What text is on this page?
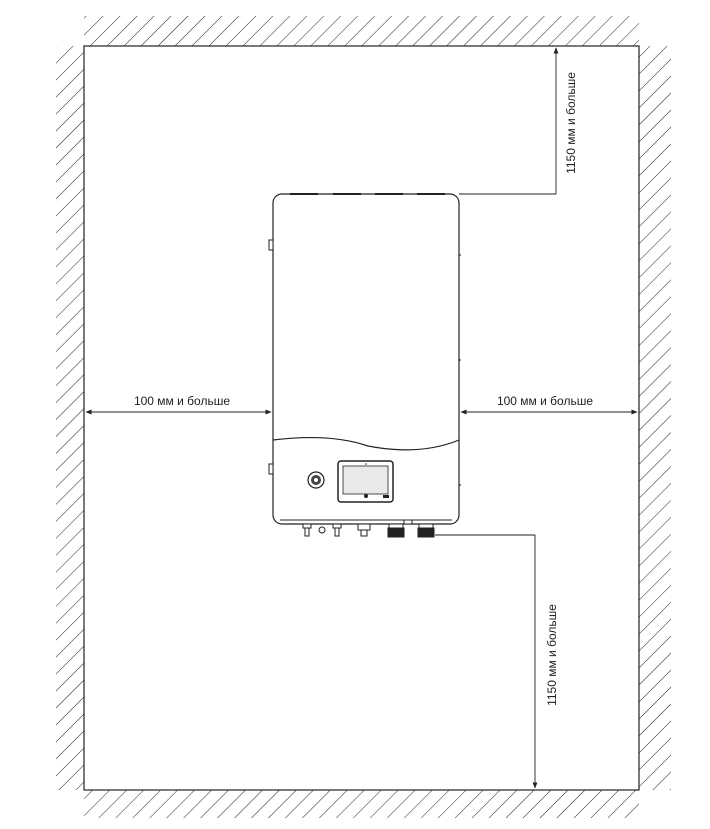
100 мм и больше	100 мм и больше
1150 мм и больше
1150 мм и больше
